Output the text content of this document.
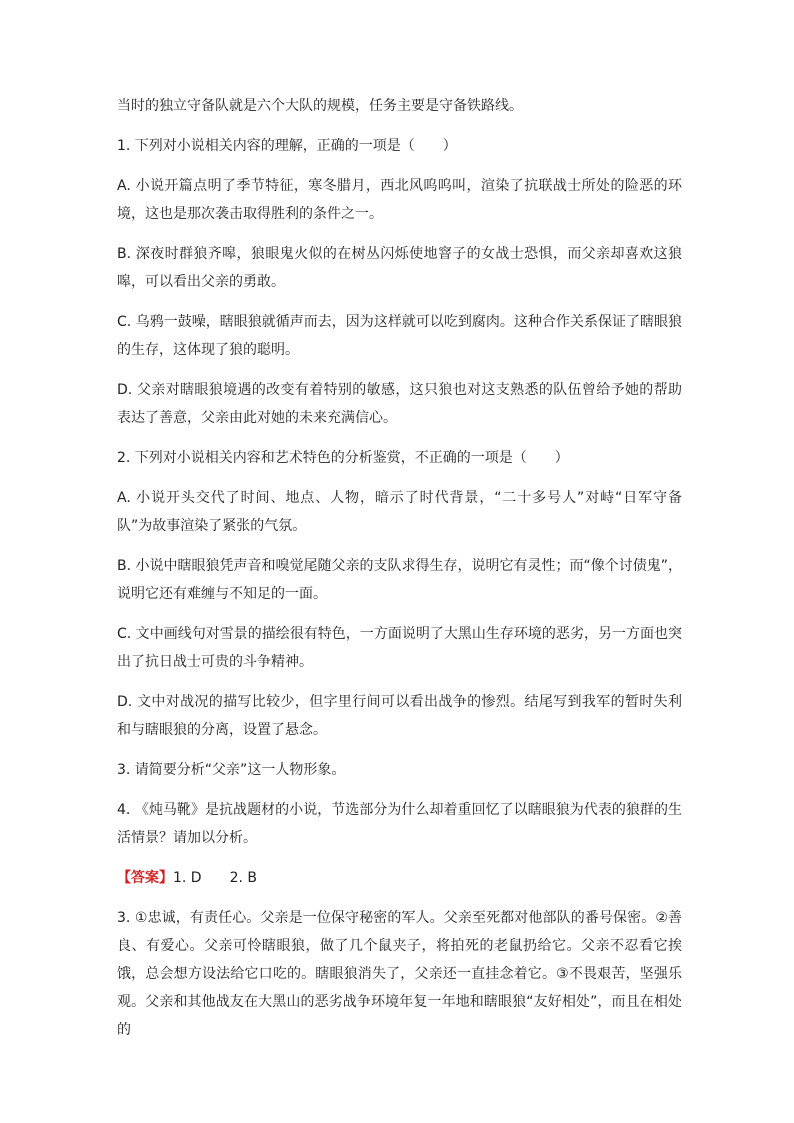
当时的独立守备队就是六个大队的规模，任务主要是守备铁路线。

1. 下列对小说相关内容的理解，正确的一项是（　　）

A. 小说开篇点明了季节特征，寒冬腊月，西北风呜呜叫，渲染了抗联战士所处的险恶的环境，这也是那次袭击取得胜利的条件之一。

B. 深夜时群狼齐嗥，狼眼鬼火似的在树丛闪烁使地窨子的女战士恐惧，而父亲却喜欢这狼嗥，可以看出父亲的勇敢。

C. 乌鸦一鼓噪，瞎眼狼就循声而去，因为这样就可以吃到腐肉。这种合作关系保证了瞎眼狼的生存，这体现了狼的聪明。

D. 父亲对瞎眼狼境遇的改变有着特别的敏感，这只狼也对这支熟悉的队伍曾给予她的帮助表达了善意，父亲由此对她的未来充满信心。

2. 下列对小说相关内容和艺术特色的分析鉴赏，不正确的一项是（　　）

A. 小说开头交代了时间、地点、人物，暗示了时代背景，“二十多号人”对峙“日军守备队”为故事渲染了紧张的气氛。

B. 小说中瞎眼狼凭声音和嗅觉尾随父亲的支队求得生存，说明它有灵性；而“像个讨债鬼”，说明它还有难缠与不知足的一面。

C. 文中画线句对雪景的描绘很有特色，一方面说明了大黑山生存环境的恶劣，另一方面也突出了抗日战士可贵的斗争精神。

D. 文中对战况的描写比较少，但字里行间可以看出战争的惨烈。结尾写到我军的暂时失利和与瞎眼狼的分离，设置了悬念。

3. 请简要分析“父亲”这一人物形象。

4. 《炖马靴》是抗战题材的小说，节选部分为什么却着重回忆了以瞎眼狼为代表的狼群的生活情景？请加以分析。

【答案】1. D　　2. B

3. ①忠诚，有责任心。父亲是一位保守秘密的军人。父亲至死都对他部队的番号保密。②善良、有爱心。父亲可怜瞎眼狼，做了几个鼠夹子，将拍死的老鼠扔给它。父亲不忍看它挨饿，总会想方设法给它口吃的。瞎眼狼消失了，父亲还一直挂念着它。③不畏艰苦，坚强乐观。父亲和其他战友在大黑山的恶劣战争环境年复一年地和瞎眼狼“友好相处”，而且在相处的
